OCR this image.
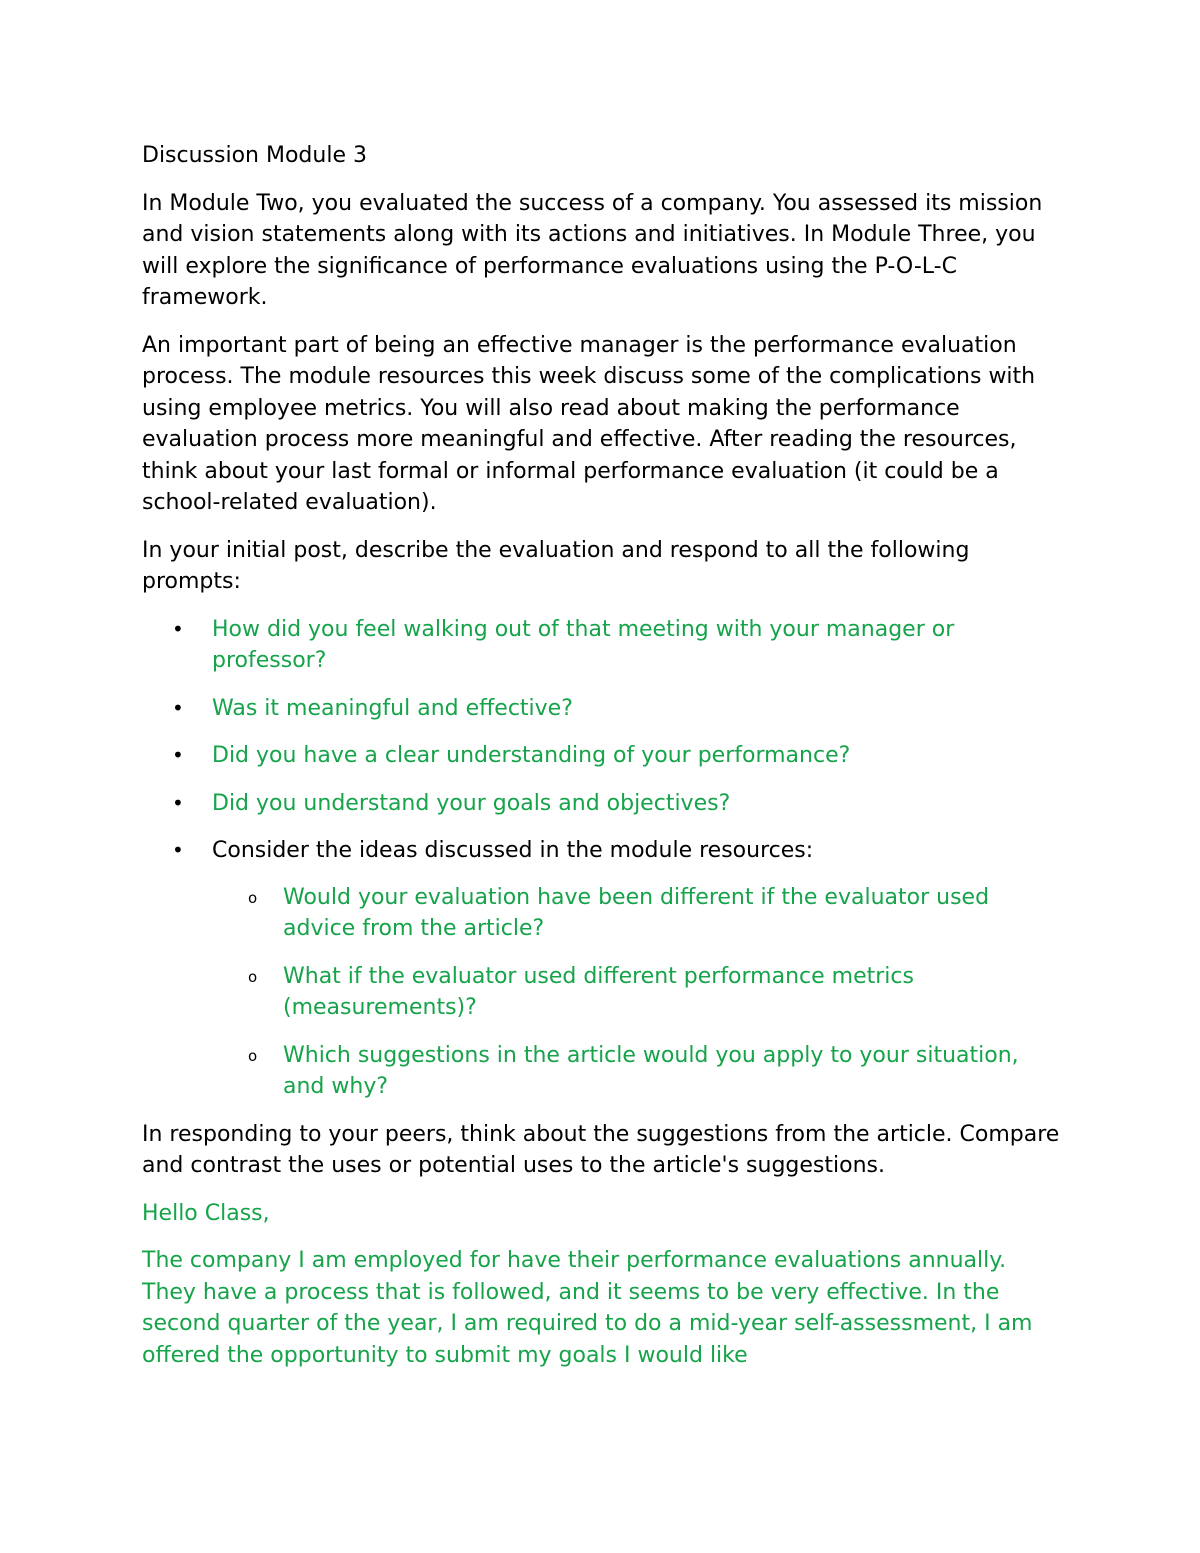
Discussion Module 3

In Module Two, you evaluated the success of a company. You assessed its mission and vision statements along with its actions and initiatives. In Module Three, you will explore the significance of performance evaluations using the P-O-L-C framework.

An important part of being an effective manager is the performance evaluation process. The module resources this week discuss some of the complications with using employee metrics. You will also read about making the performance evaluation process more meaningful and effective. After reading the resources, think about your last formal or informal performance evaluation (it could be a school-related evaluation).

In your initial post, describe the evaluation and respond to all the following prompts:

• How did you feel walking out of that meeting with your manager or professor?
• Was it meaningful and effective?
• Did you have a clear understanding of your performance?
• Did you understand your goals and objectives?
• Consider the ideas discussed in the module resources:
o Would your evaluation have been different if the evaluator used advice from the article?
o What if the evaluator used different performance metrics (measurements)?
o Which suggestions in the article would you apply to your situation, and why?

In responding to your peers, think about the suggestions from the article. Compare and contrast the uses or potential uses to the article's suggestions.

Hello Class,

The company I am employed for have their performance evaluations annually. They have a process that is followed, and it seems to be very effective. In the second quarter of the year, I am required to do a mid-year self-assessment, I am offered the opportunity to submit my goals I would like
